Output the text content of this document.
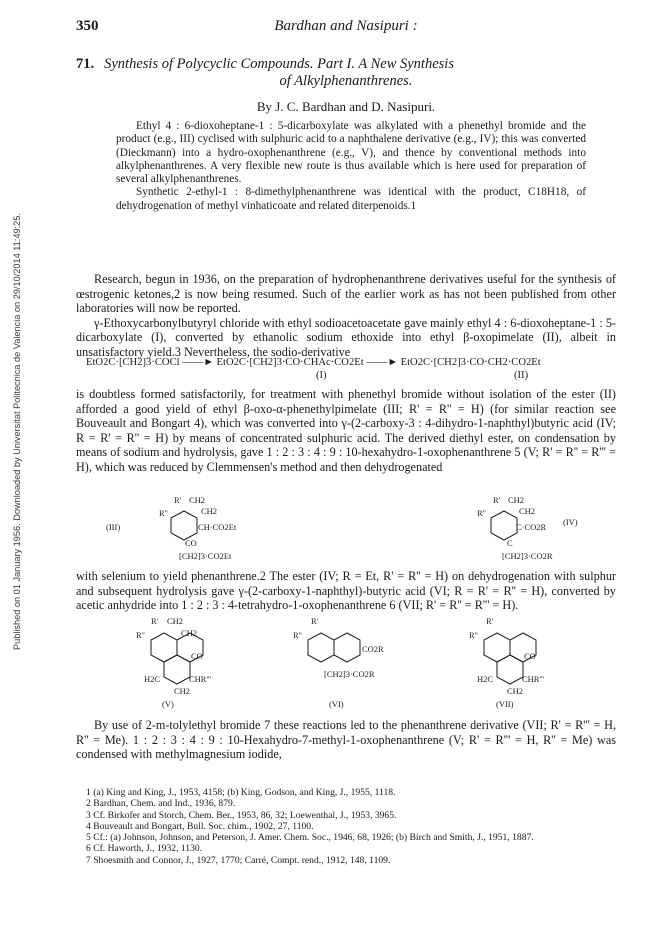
Published on 01 January 1956. Downloaded by Universitat Politecnica de Valencia on 29/10/2014 11:49:25.
350	Bardhan and Nasipuri :
71. Synthesis of Polycyclic Compounds. Part I. A New Synthesis
of Alkylphenanthrenes.
By J. C. Bardhan and D. Nasipuri.

Ethyl 4 : 6-dioxoheptane-1 : 5-dicarboxylate was alkylated with a phenethyl bromide and the product (e.g., III) cyclised with sulphuric acid to a naphthalene derivative (e.g., IV); this was converted (Dieckmann) into a hydro-oxophenanthrene (e.g., V), and thence by conventional methods into alkylphenanthrenes. A very flexible new route is thus available which is here used for preparation of several alkylphenanthrenes.

Synthetic 2-ethyl-1 : 8-dimethylphenanthrene was identical with the product, C18H18, of dehydrogenation of methyl vinhaticoate and related diterpenoids.1

Research, begun in 1936, on the preparation of hydrophenanthrene derivatives useful for the synthesis of œstrogenic ketones,2 is now being resumed. Such of the earlier work as has not been published from other laboratories will now be reported.

γ-Ethoxycarbonylbutyryl chloride with ethyl sodioacetoacetate gave mainly ethyl 4 : 6-dioxoheptane-1 : 5-dicarboxylate (I), converted by ethanolic sodium ethoxide into ethyl β-oxopimelate (II), albeit in unsatisfactory yield.3 Nevertheless, the sodio-derivative

EtO2C·[CH2]3·COCl ——► EtO2C·[CH2]3·CO·CHAc·CO2Et ——► EtO2C·[CH2]3·CO·CH2·CO2Et
(I)	(II)

is doubtless formed satisfactorily, for treatment with phenethyl bromide without isolation of the ester (II) afforded a good yield of ethyl β-oxo-α-phenethylpimelate (III; R' = R'' = H) (for similar reaction see Bouveault and Bongart 4), which was converted into γ-(2-carboxy-3 : 4-dihydro-1-naphthyl)butyric acid (IV; R = R' = R'' = H) by means of concentrated sulphuric acid. The derived diethyl ester, on condensation by means of sodium and hydrolysis, gave 1 : 2 : 3 : 4 : 9 : 10-hexahydro-1-oxophenanthrene 5 (V; R' = R'' = R''' = H), which was reduced by Clemmensen's method and then dehydrogenated

(III)
R''
R' CH2
CH2
CH·CO2Et
CO
[CH2]3·CO2Et
(IV)
R''
R' CH2
CH2
C·CO2R
C
[CH2]3·CO2R
R''
R' CH2
CH2
CO
H2C	CHR'''
CH2
(V)
R''
R'
CO2R
[CH2]3·CO2R
(VI)
R''
R'
CO
H2C	CHR'''
CH2
(VII)

with selenium to yield phenanthrene.2 The ester (IV; R = Et, R' = R'' = H) on dehydrogenation with sulphur and subsequent hydrolysis gave γ-(2-carboxy-1-naphthyl)-butyric acid (VI; R = R' = R'' = H), converted by acetic anhydride into 1 : 2 : 3 : 4-tetrahydro-1-oxophenanthrene 6 (VII; R' = R'' = R''' = H).

By use of 2-m-tolylethyl bromide 7 these reactions led to the phenanthrene derivative (VII; R' = R''' = H, R'' = Me). 1 : 2 : 3 : 4 : 9 : 10-Hexahydro-7-methyl-1-oxophenanthrene (V; R' = R''' = H, R'' = Me) was condensed with methylmagnesium iodide,

1 (a) King and King, J., 1953, 4158; (b) King, Godson, and King, J., 1955, 1118.
2 Bardhan, Chem. and Ind., 1936, 879.
3 Cf. Birkofer and Storch, Chem. Ber., 1953, 86, 32; Loewenthal, J., 1953, 3965.
4 Bouveault and Bongart, Bull. Soc. chim., 1902, 27, 1100.
5 Cf.: (a) Johnson, Johnson, and Peterson, J. Amer. Chem. Soc., 1946, 68, 1926; (b) Birch and Smith, J., 1951, 1887.
6 Cf. Haworth, J., 1932, 1130.
7 Shoesmith and Connor, J., 1927, 1770; Carré, Compt. rend., 1912, 148, 1109.
